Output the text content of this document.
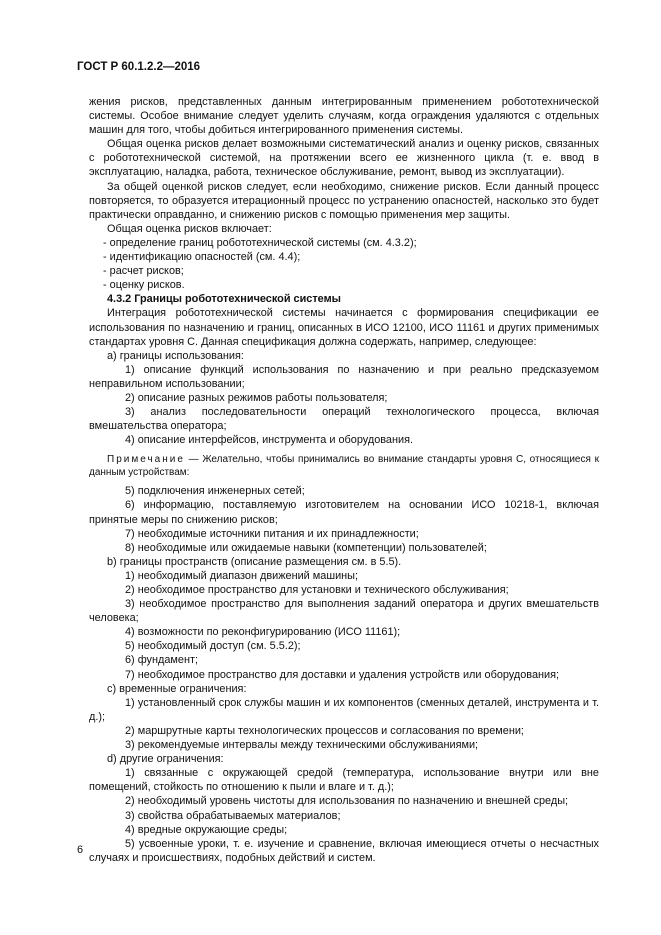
ГОСТ Р 60.1.2.2—2016

жения рисков, представленных данным интегрированным применением робототехнической системы. Особое внимание следует уделить случаям, когда ограждения удаляются с отдельных машин для того, чтобы добиться интегрированного применения системы.

Общая оценка рисков делает возможными систематический анализ и оценку рисков, связанных с робототехнической системой, на протяжении всего ее жизненного цикла (т. е. ввод в эксплуатацию, наладка, работа, техническое обслуживание, ремонт, вывод из эксплуатации).

За общей оценкой рисков следует, если необходимо, снижение рисков. Если данный процесс повторяется, то образуется итерационный процесс по устранению опасностей, насколько это будет практически оправданно, и снижению рисков с помощью применения мер защиты.

Общая оценка рисков включает:

- определение границ робототехнической системы (см. 4.3.2);

- идентификацию опасностей (см. 4.4);

- расчет рисков;

- оценку рисков.

4.3.2 Границы робототехнической системы

Интеграция робототехнической системы начинается с формирования спецификации ее использования по назначению и границ, описанных в ИСО 12100, ИСО 11161 и других применимых стандартах уровня С. Данная спецификация должна содержать, например, следующее:

a) границы использования:

1) описание функций использования по назначению и при реально предсказуемом неправильном использовании;

2) описание разных режимов работы пользователя;

3) анализ последовательности операций технологического процесса, включая вмешательства оператора;

4) описание интерфейсов, инструмента и оборудования.

Примечание — Желательно, чтобы принимались во внимание стандарты уровня С, относящиеся к данным устройствам:

5) подключения инженерных сетей;

6) информацию, поставляемую изготовителем на основании ИСО 10218-1, включая принятые меры по снижению рисков;

7) необходимые источники питания и их принадлежности;

8) необходимые или ожидаемые навыки (компетенции) пользователей;

b) границы пространств (описание размещения см. в 5.5).

1) необходимый диапазон движений машины;

2) необходимое пространство для установки и технического обслуживания;

3) необходимое пространство для выполнения заданий оператора и других вмешательств человека;

4) возможности по реконфигурированию (ИСО 11161);

5) необходимый доступ (см. 5.5.2);

6) фундамент;

7) необходимое пространство для доставки и удаления устройств или оборудования;

c) временные ограничения:

1) установленный срок службы машин и их компонентов (сменных деталей, инструмента и т. д.);

2) маршрутные карты технологических процессов и согласования по времени;

3) рекомендуемые интервалы между техническими обслуживаниями;

d) другие ограничения:

1) связанные с окружающей средой (температура, использование внутри или вне помещений, стойкость по отношению к пыли и влаге и т. д.);

2) необходимый уровень чистоты для использования по назначению и внешней среды;

3) свойства обрабатываемых материалов;

4) вредные окружающие среды;

5) усвоенные уроки, т. е. изучение и сравнение, включая имеющиеся отчеты о несчастных случаях и происшествиях, подобных действий и систем.

6
